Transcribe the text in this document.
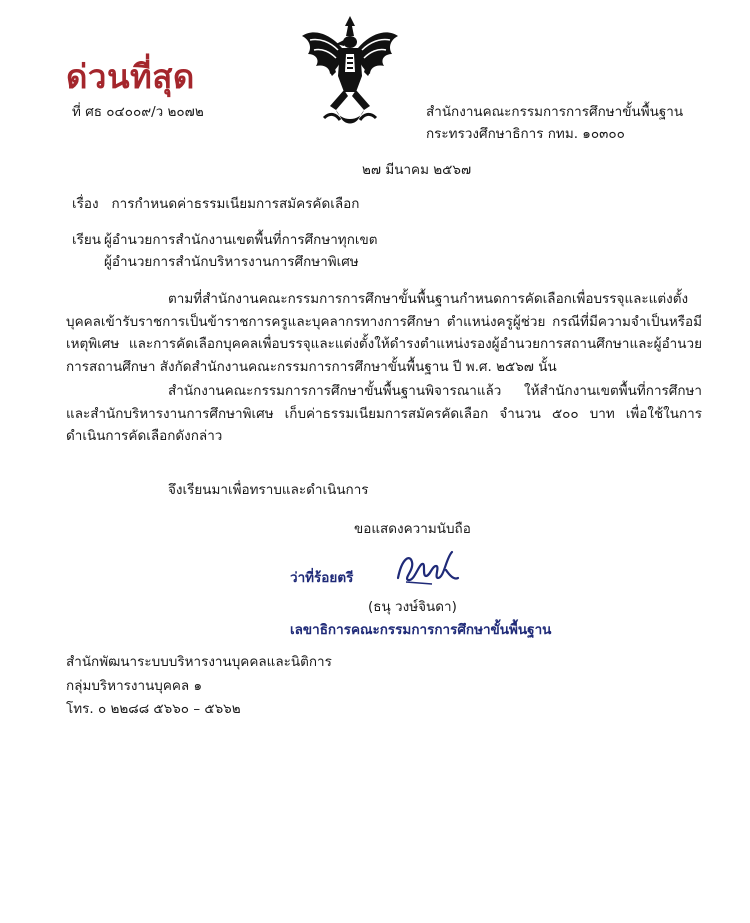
ด่วนที่สุด
ที่ ศธ ๐๔๐๐๙/ว ๒๐๗๒	สำนักงานคณะกรรมการการศึกษาขั้นพื้นฐาน
กระทรวงศึกษาธิการ กทม. ๑๐๓๐๐
๒๗ มีนาคม ๒๕๖๗
เรื่อง การกำหนดค่าธรรมเนียมการสมัครคัดเลือก
เรียน ผู้อำนวยการสำนักงานเขตพื้นที่การศึกษาทุกเขต
ผู้อำนวยการสำนักบริหารงานการศึกษาพิเศษ

ตามที่สำนักงานคณะกรรมการการศึกษาขั้นพื้นฐานกำหนดการคัดเลือกเพื่อบรรจุและแต่งตั้งบุคคลเข้ารับราชการเป็นข้าราชการครูและบุคลากรทางการศึกษา ตำแหน่งครูผู้ช่วย กรณีที่มีความจำเป็นหรือมีเหตุพิเศษ และการคัดเลือกบุคคลเพื่อบรรจุและแต่งตั้งให้ดำรงตำแหน่งรองผู้อำนวยการสถานศึกษาและผู้อำนวยการสถานศึกษา สังกัดสำนักงานคณะกรรมการการศึกษาขั้นพื้นฐาน ปี พ.ศ. ๒๕๖๗ นั้น

สำนักงานคณะกรรมการการศึกษาขั้นพื้นฐานพิจารณาแล้ว ให้สำนักงานเขตพื้นที่การศึกษา และสำนักบริหารงานการศึกษาพิเศษ เก็บค่าธรรมเนียมการสมัครคัดเลือก จำนวน ๕๐๐ บาท เพื่อใช้ในการดำเนินการคัดเลือกดังกล่าว

จึงเรียนมาเพื่อทราบและดำเนินการ
ขอแสดงความนับถือ
ว่าที่ร้อยตรี
(ธนุ วงษ์จินดา)
เลขาธิการคณะกรรมการการศึกษาขั้นพื้นฐาน
สำนักพัฒนาระบบบริหารงานบุคคลและนิติการ
กลุ่มบริหารงานบุคคล ๑
โทร. ๐ ๒๒๘๘ ๕๖๖๐ – ๕๖๖๒
